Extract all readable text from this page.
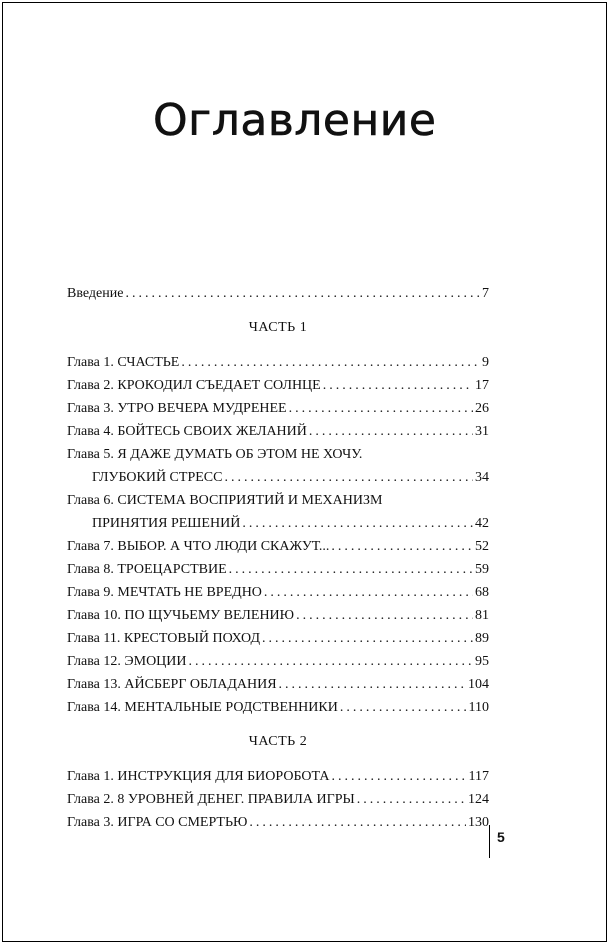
Оглавление
Введение .....	7
ЧАСТЬ 1
Глава 1. СЧАСТЬЕ .....	9
Глава 2. КРОКОДИЛ СЪЕДАЕТ СОЛНЦЕ .....	17
Глава 3. УТРО ВЕЧЕРА МУДРЕНЕЕ .....	26
Глава 4. БОЙТЕСЬ СВОИХ ЖЕЛАНИЙ .....	31
Глава 5. Я ДАЖЕ ДУМАТЬ ОБ ЭТОМ НЕ ХОЧУ.
ГЛУБОКИЙ СТРЕСС .....	34
Глава 6. СИСТЕМА ВОСПРИЯТИЙ И МЕХАНИЗМ
ПРИНЯТИЯ РЕШЕНИЙ .....	42
Глава 7. ВЫБОР. А ЧТО ЛЮДИ СКАЖУТ... .....	52
Глава 8. ТРОЕЦАРСТВИЕ .....	59
Глава 9. МЕЧТАТЬ НЕ ВРЕДНО .....	68
Глава 10. ПО ЩУЧЬЕМУ ВЕЛЕНИЮ .....	81
Глава 11. КРЕСТОВЫЙ ПОХОД .....	89
Глава 12. ЭМОЦИИ .....	95
Глава 13. АЙСБЕРГ ОБЛАДАНИЯ .....	104
Глава 14. МЕНТАЛЬНЫЕ РОДСТВЕННИКИ .....	110
ЧАСТЬ 2
Глава 1. ИНСТРУКЦИЯ ДЛЯ БИОРОБОТА .....	117
Глава 2. 8 УРОВНЕЙ ДЕНЕГ. ПРАВИЛА ИГРЫ .....	124
Глава 3. ИГРА СО СМЕРТЬЮ .....	130
5
